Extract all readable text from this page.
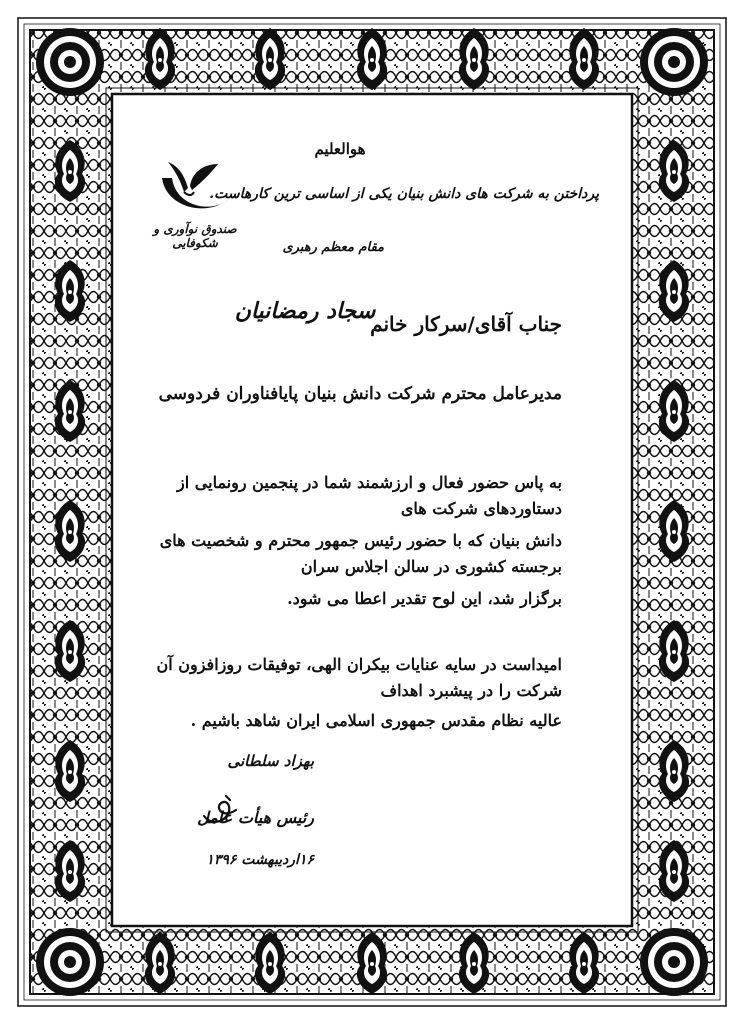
صندوق نوآوری و شکوفایی
هوالعلیم
پرداختن به شرکت های دانش بنیان یکی از اساسی ترین کارهاست.
مقام معظم رهبری
جناب آقای/سرکار خانم
سجاد رمضانیان
مدیرعامل محترم شرکت دانش بنیان پایافناوران فردوسی
به پاس حضور فعال و ارزشمند شما در پنجمین رونمایی از دستاوردهای شرکت های
دانش بنیان که با حضور رئیس جمهور محترم و شخصیت های برجسته کشوری در سالن اجلاس سران
برگزار شد، این لوح تقدیر اعطا می شود.
امیداست در سایه عنایات بیکران الهی، توفیقات روزافزون آن شرکت را در پیشبرد اهداف
عالیه نظام مقدس جمهوری اسلامی ایران شاهد باشیم .
بهزاد سلطانی
رئیس هیأت عامل
۱۶اردیبهشت ۱۳۹۶
